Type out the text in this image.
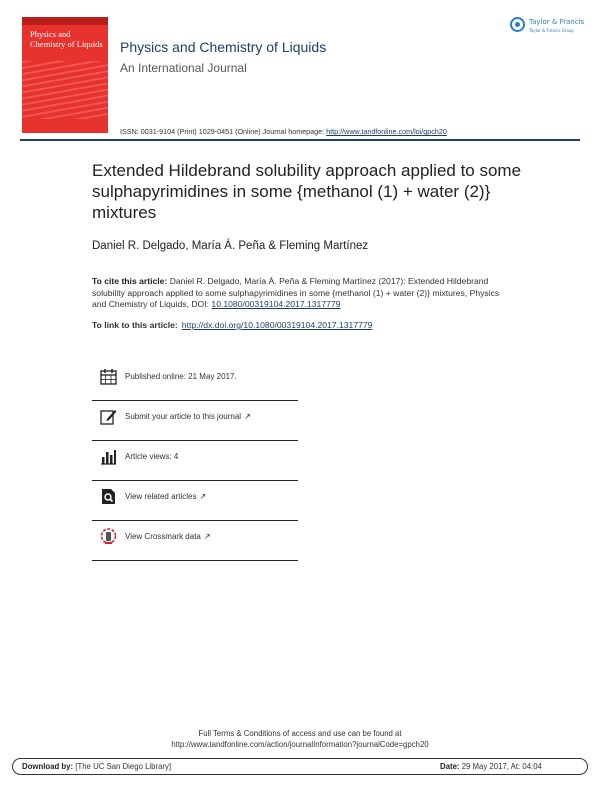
Physics and Chemistry of Liquids Physics and Chemistry of Liquids
An International Journal
ISSN: 0031-9104 (Print) 1029-0451 (Online) Journal homepage: http://www.tandfonline.com/loi/gpch20
Taylor & Francis
Taylor & Francis Group
Extended Hildebrand solubility approach applied to some sulphapyrimidines in some {methanol (1) + water (2)} mixtures
Daniel R. Delgado, María Á. Peña & Fleming Martínez
To cite this article: Daniel R. Delgado, María Á. Peña & Fleming Martínez (2017): Extended Hildebrand solubility approach applied to some sulphapyrimidines in some {methanol (1) + water (2)} mixtures, Physics and Chemistry of Liquids, DOI: 10.1080/00319104.2017.1317779
To link to this article: http://dx.doi.org/10.1080/00319104.2017.1317779
Published online: 21 May 2017.
Submit your article to this journal ↗
Article views: 4
View related articles ↗
View Crossmark data ↗
Full Terms & Conditions of access and use can be found at
http://www.tandfonline.com/action/journalInformation?journalCode=gpch20
Download by: [The UC San Diego Library]	Date: 29 May 2017, At: 04:04
